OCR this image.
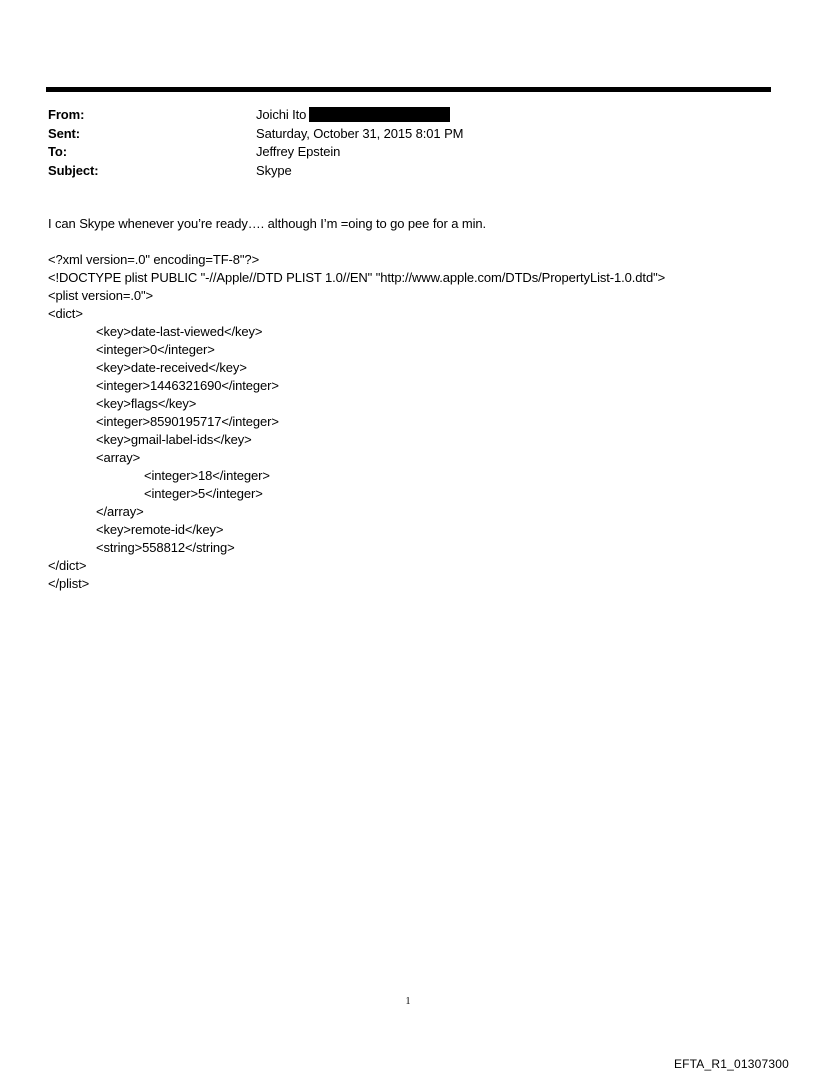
From:	Joichi Ito
Sent:	Saturday, October 31, 2015 8:01 PM
To:	Jeffrey Epstein
Subject:	Skype
I can Skype whenever you’re ready…. although I’m =oing to go pee for a min.
<?xml version=.0" encoding=TF-8"?>
<!DOCTYPE plist PUBLIC "-//Apple//DTD PLIST 1.0//EN" "http://www.apple.com/DTDs/PropertyList-1.0.dtd">
<plist version=.0">
<dict>
<key>date-last-viewed</key>
<integer>0</integer>
<key>date-received</key>
<integer>1446321690</integer>
<key>flags</key>
<integer>8590195717</integer>
<key>gmail-label-ids</key>
<array>
<integer>18</integer>
<integer>5</integer>
</array>
<key>remote-id</key>
<string>558812</string>
</dict>
</plist>
1
EFTA_R1_01307300
